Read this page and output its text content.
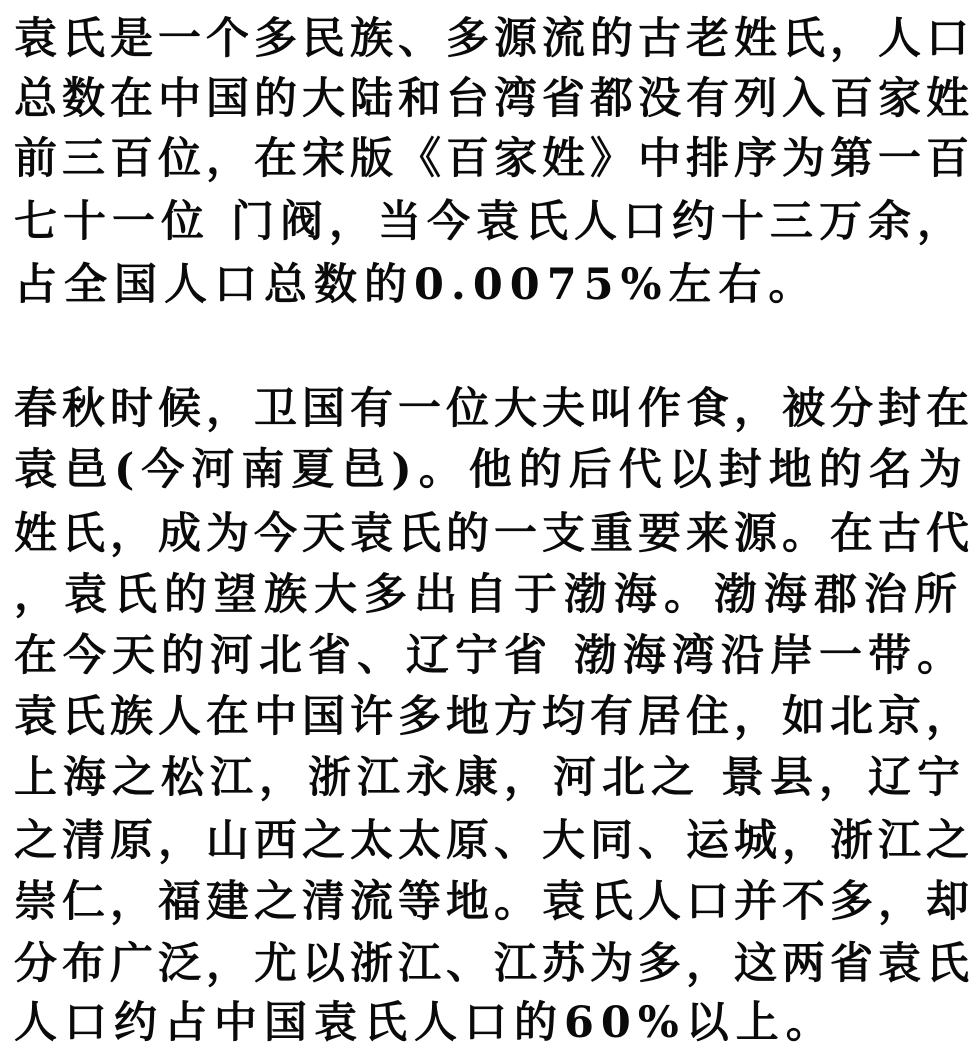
袁氏是一个多民族、多源流的古老姓氏，人口
总数在中国的大陆和台湾省都没有列入百家姓
前三百位，在宋版《百家姓》中排序为第一百
七十一位 门阀，当今袁氏人口约十三万余，
占全国人口总数的0.0075%左右。
春秋时候，卫国有一位大夫叫作食，被分封在
袁邑(今河南夏邑)。他的后代以封地的名为
姓氏，成为今天袁氏的一支重要来源。在古代
，袁氏的望族大多出自于渤海。渤海郡治所
在今天的河北省、辽宁省 渤海湾沿岸一带。
袁氏族人在中国许多地方均有居住，如北京，
上海之松江，浙江永康，河北之 景县，辽宁
之清原，山西之太太原、大同、运城，浙江之
崇仁，福建之清流等地。袁氏人口并不多，却
分布广泛，尤以浙江、江苏为多，这两省袁氏
人口约占中国袁氏人口的60%以上。
